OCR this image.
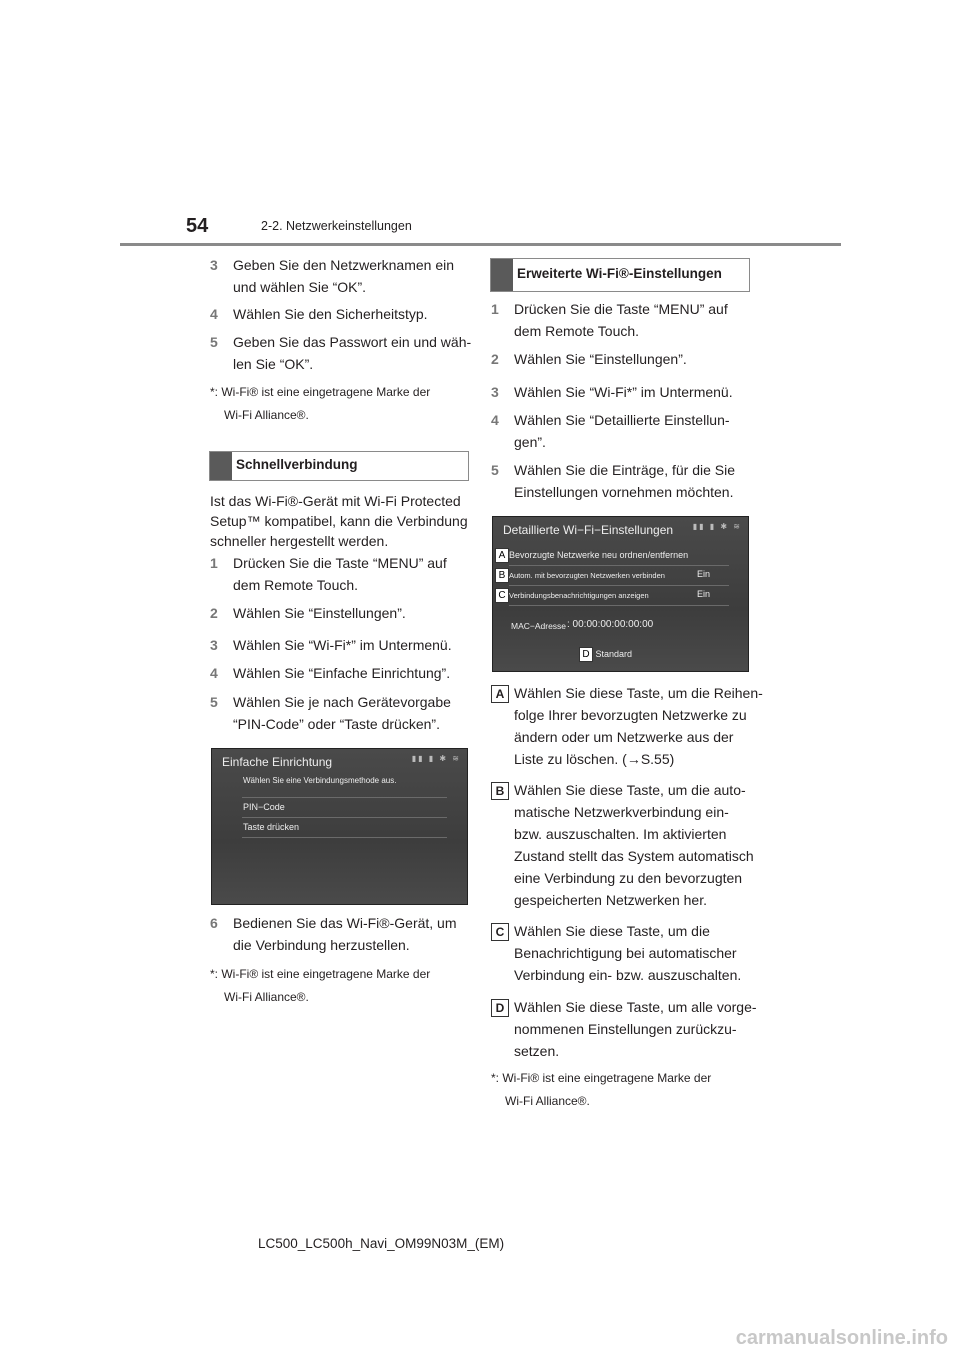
54	2-2. Netzwerkeinstellungen
*: Wi-Fi® ist eine eingetragene Marke der
Wi-Fi Alliance®.
Schnellverbindung
Ist das Wi-Fi®-Gerät mit Wi-Fi Protected
Setup™ kompatibel, kann die Verbindung
schneller hergestellt werden.
Einfache Einrichtung	▮▮ ▮ ✱ ≋
Wählen Sie eine Verbindungsmethode aus.
PIN−Code
Taste drücken
*: Wi-Fi® ist eine eingetragene Marke der
Wi-Fi Alliance®.
Erweiterte Wi-Fi®-Einstellungen
Detaillierte Wi−Fi−Einstellungen ▮▮ ▮ ✱ ≋
A Bevorzugte Netzwerke neu ordnen/entfernen
B Autom. mit bevorzugten Netzwerken verbinden	Ein
C Verbindungsbenachrichtigungen anzeigen	Ein
MAC−Adresse : 00:00:00:00:00:00
D Standard
*: Wi-Fi® ist eine eingetragene Marke der
Wi-Fi Alliance®.
LC500_LC500h_Navi_OM99N03M_(EM)
carmanualsonline.info
3 Geben Sie den Netzwerknamen ein
und wählen Sie “OK”.
4 Wählen Sie den Sicherheitstyp.
5 Geben Sie das Passwort ein und wäh-
len Sie “OK”.
1 Drücken Sie die Taste “MENU” auf
dem Remote Touch.
2 Wählen Sie “Einstellungen”.
3 Wählen Sie “Wi-Fi*” im Untermenü.
4 Wählen Sie “Einfache Einrichtung”.
5 Wählen Sie je nach Gerätevorgabe
“PIN-Code” oder “Taste drücken”.
6 Bedienen Sie das Wi-Fi®-Gerät, um
die Verbindung herzustellen.
1 Drücken Sie die Taste “MENU” auf
dem Remote Touch.
2 Wählen Sie “Einstellungen”.
3 Wählen Sie “Wi-Fi*” im Untermenü.
4 Wählen Sie “Detaillierte Einstellun-
gen”.
5 Wählen Sie die Einträge, für die Sie
Einstellungen vornehmen möchten.
A Wählen Sie diese Taste, um die Reihen-
folge Ihrer bevorzugten Netzwerke zu
ändern oder um Netzwerke aus der
Liste zu löschen. (→S.55)
B Wählen Sie diese Taste, um die auto-
matische Netzwerkverbindung ein-
bzw. auszuschalten. Im aktivierten
Zustand stellt das System automatisch
eine Verbindung zu den bevorzugten
gespeicherten Netzwerken her.
C Wählen Sie diese Taste, um die
Benachrichtigung bei automatischer
Verbindung ein- bzw. auszuschalten.
D Wählen Sie diese Taste, um alle vorge-
nommenen Einstellungen zurückzu-
setzen.
